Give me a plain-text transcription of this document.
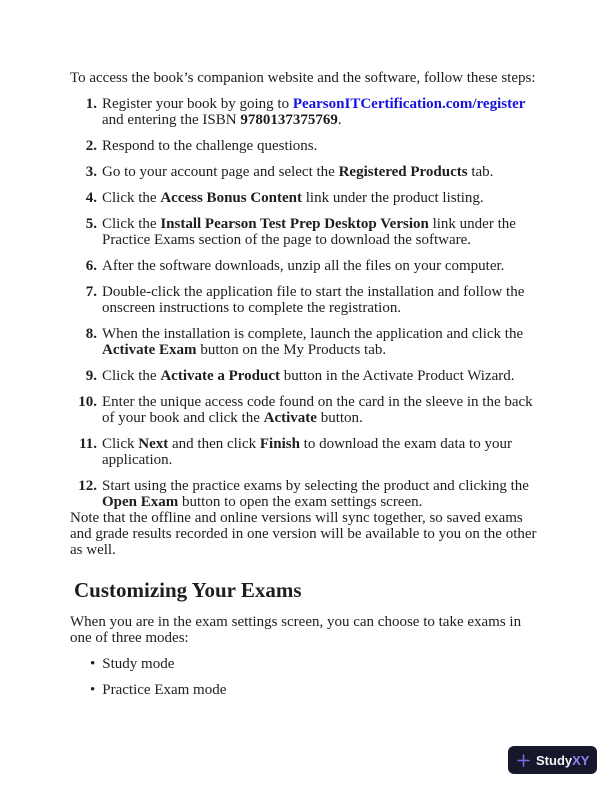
To access the book’s companion website and the software, follow these steps:

1. Register your book by going to PearsonITCertification.com/register
and entering the ISBN 9780137375769.
2. Respond to the challenge questions.
3. Go to your account page and select the Registered Products tab.
4. Click the Access Bonus Content link under the product listing.
5. Click the Install Pearson Test Prep Desktop Version link under the
Practice Exams section of the page to download the software.
6. After the software downloads, unzip all the files on your computer.
7. Double-click the application file to start the installation and follow the
onscreen instructions to complete the registration.
8. When the installation is complete, launch the application and click the
Activate Exam button on the My Products tab.
9. Click the Activate a Product button in the Activate Product Wizard.
10. Enter the unique access code found on the card in the sleeve in the back
of your book and click the Activate button.
11. Click Next and then click Finish to download the exam data to your
application.
12. Start using the practice exams by selecting the product and clicking the
Open Exam button to open the exam settings screen.

Note that the offline and online versions will sync together, so saved exams
and grade results recorded in one version will be available to you on the other
as well.

Customizing Your Exams

When you are in the exam settings screen, you can choose to take exams in
one of three modes:

• Study mode
• Practice Exam mode
Study XY
